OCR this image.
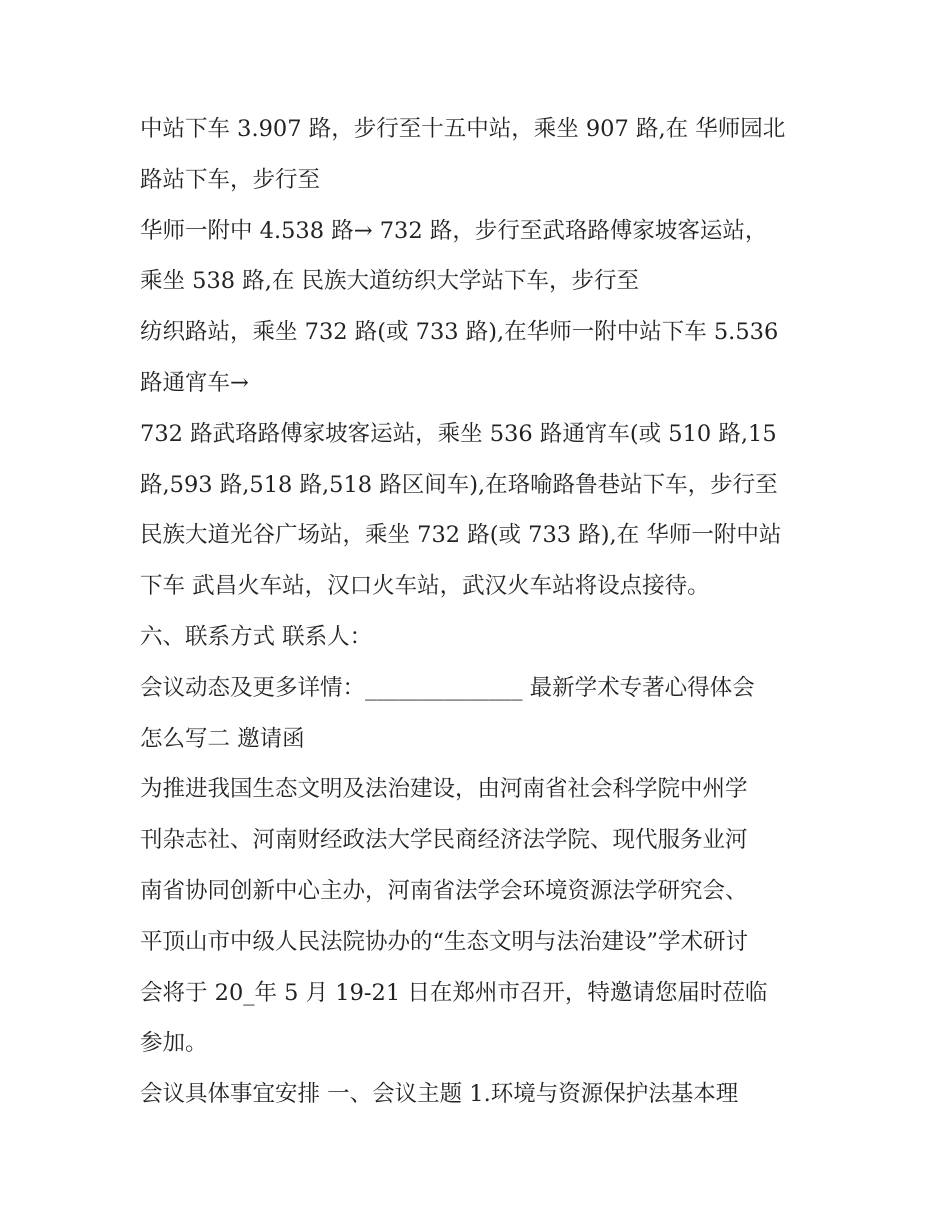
中站下车 3.907 路，步行至十五中站，乘坐 907 路,在 华师园北
路站下车，步行至
华师一附中 4.538 路→ 732 路，步行至武珞路傅家坡客运站，
乘坐 538 路,在 民族大道纺织大学站下车，步行至
纺织路站，乘坐 732 路(或 733 路),在华师一附中站下车 5.536
路通宵车→
732 路武珞路傅家坡客运站，乘坐 536 路通宵车(或 510 路,15
路,593 路,518 路,518 路区间车),在珞喻路鲁巷站下车，步行至
民族大道光谷广场站，乘坐 732 路(或 733 路),在 华师一附中站
下车 武昌火车站，汉口火车站，武汉火车站将设点接待。
六、联系方式 联系人：
会议动态及更多详情：______________ 最新学术专著心得体会
怎么写二 邀请函
为推进我国生态文明及法治建设，由河南省社会科学院中州学
刊杂志社、河南财经政法大学民商经济法学院、现代服务业河
南省协同创新中心主办，河南省法学会环境资源法学研究会、
平顶山市中级人民法院协办的“生态文明与法治建设”学术研讨
会将于 20_年 5 月 19-21 日在郑州市召开，特邀请您届时莅临
参加。
会议具体事宜安排 一、会议主题 1.环境与资源保护法基本理
